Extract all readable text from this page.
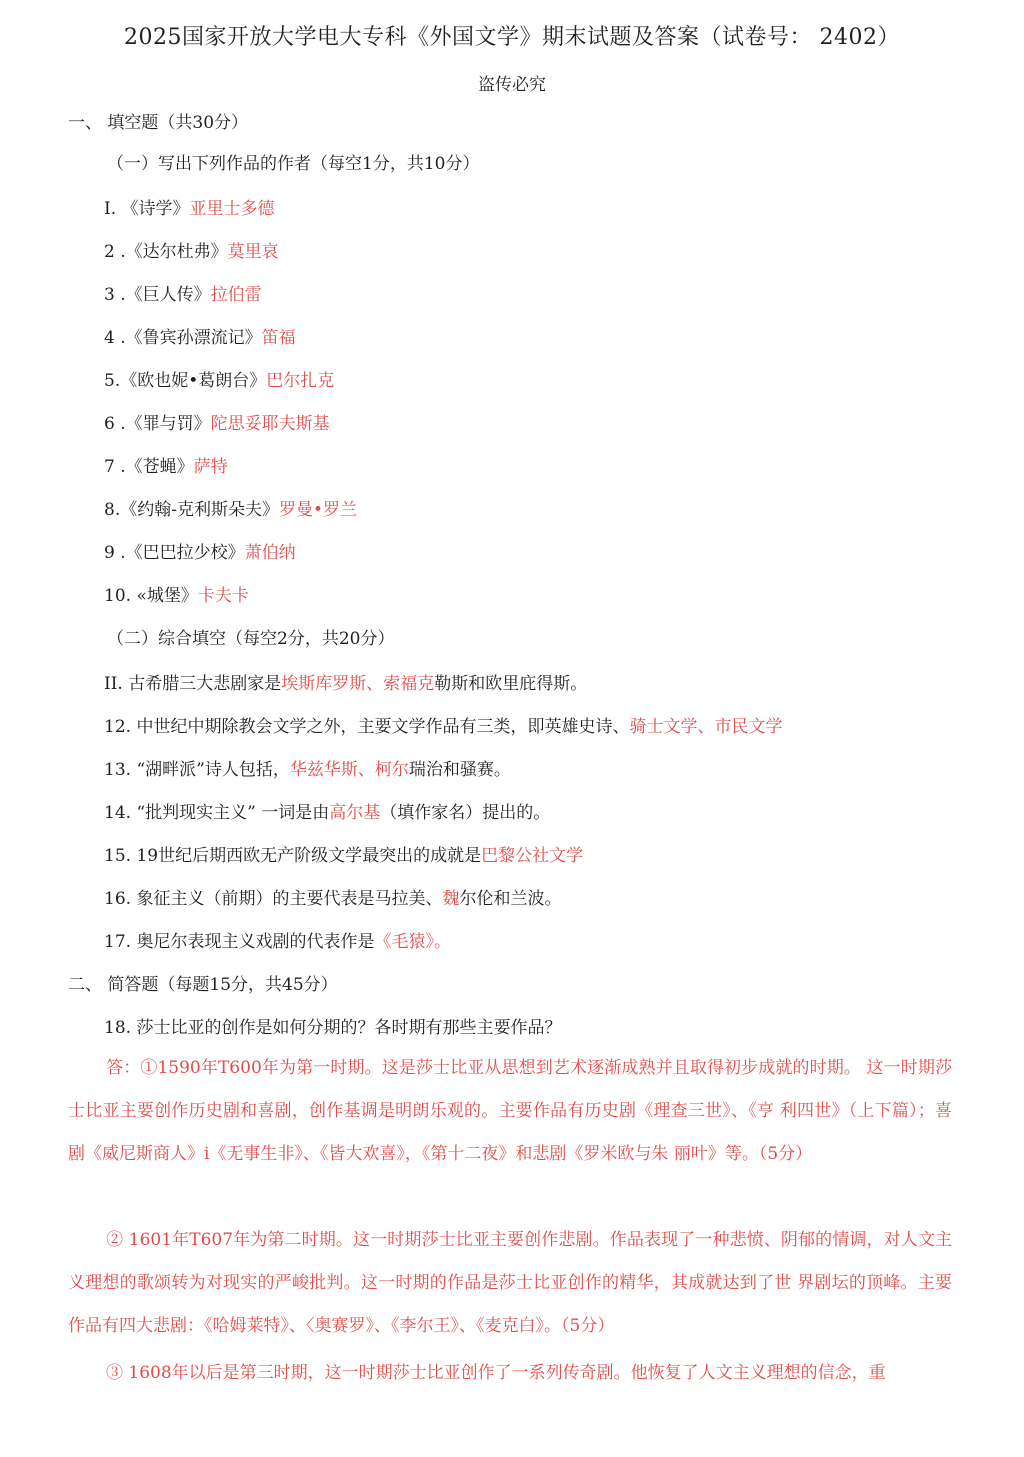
2025国家开放大学电大专科《外国文学》期末试题及答案（试卷号： 2402）
盗传必究
一、 填空题（共30分）
（一）写出下列作品的作者（每空1分，共10分）
I. 《诗学》亚里士多德
2 .《达尔杜弗》莫里哀
3 .《巨人传》拉伯雷
4 .《鲁宾孙漂流记》笛福
5.《欧也妮•葛朗台》巴尔扎克
6 .《罪与罚》陀思妥耶夫斯基
7 .《苍蝇》萨特
8.《约翰-克利斯朵夫》罗曼•罗兰
9 .《巴巴拉少校》萧伯纳
10. «城堡》卡夫卡
（二）综合填空（每空2分，共20分）
II. 古希腊三大悲剧家是埃斯库罗斯、索福克勒斯和欧里庇得斯。
12. 中世纪中期除教会文学之外，主要文学作品有三类，即英雄史诗、骑士文学、市民文学
13. “湖畔派”诗人包括，华兹华斯、柯尔瑞治和骚赛。
14. “批判现实主义” 一词是由高尔基（填作家名）提出的。
15. 19世纪后期西欧无产阶级文学最突出的成就是巴黎公社文学
16. 象征主义（前期）的主要代表是马拉美、魏尔伦和兰波。
17. 奥尼尔表现主义戏剧的代表作是《毛猿》。
二、 简答题（每题15分，共45分）
18. 莎士比亚的创作是如何分期的？各时期有那些主要作品？
答：①1590年T600年为第一时期。这是莎士比亚从思想到艺术逐渐成熟并且取得初步成就的时期。 这一时期莎士比亚主要创作历史剧和喜剧，创作基调是明朗乐观的。主要作品有历史剧《理查三世》、《亨 利四世》（上下篇）；喜剧《威尼斯商人》i《无事生非》、《皆大欢喜》，《第十二夜》和悲剧《罗米欧与朱 丽叶》等。（5分）
② 1601年T607年为第二时期。这一时期莎士比亚主要创作悲剧。作品表现了一种悲愤、阴郁的情调，对人文主义理想的歌颂转为对现实的严峻批判。这一时期的作品是莎士比亚创作的精华，其成就达到了世 界剧坛的顶峰。主要作品有四大悲剧：《哈姆莱特》、〈奥赛罗》、《李尔王》、《麦克白》。（5分）
③ 1608年以后是第三时期，这一时期莎士比亚创作了一系列传奇剧。他恢复了人文主义理想的信念，重
